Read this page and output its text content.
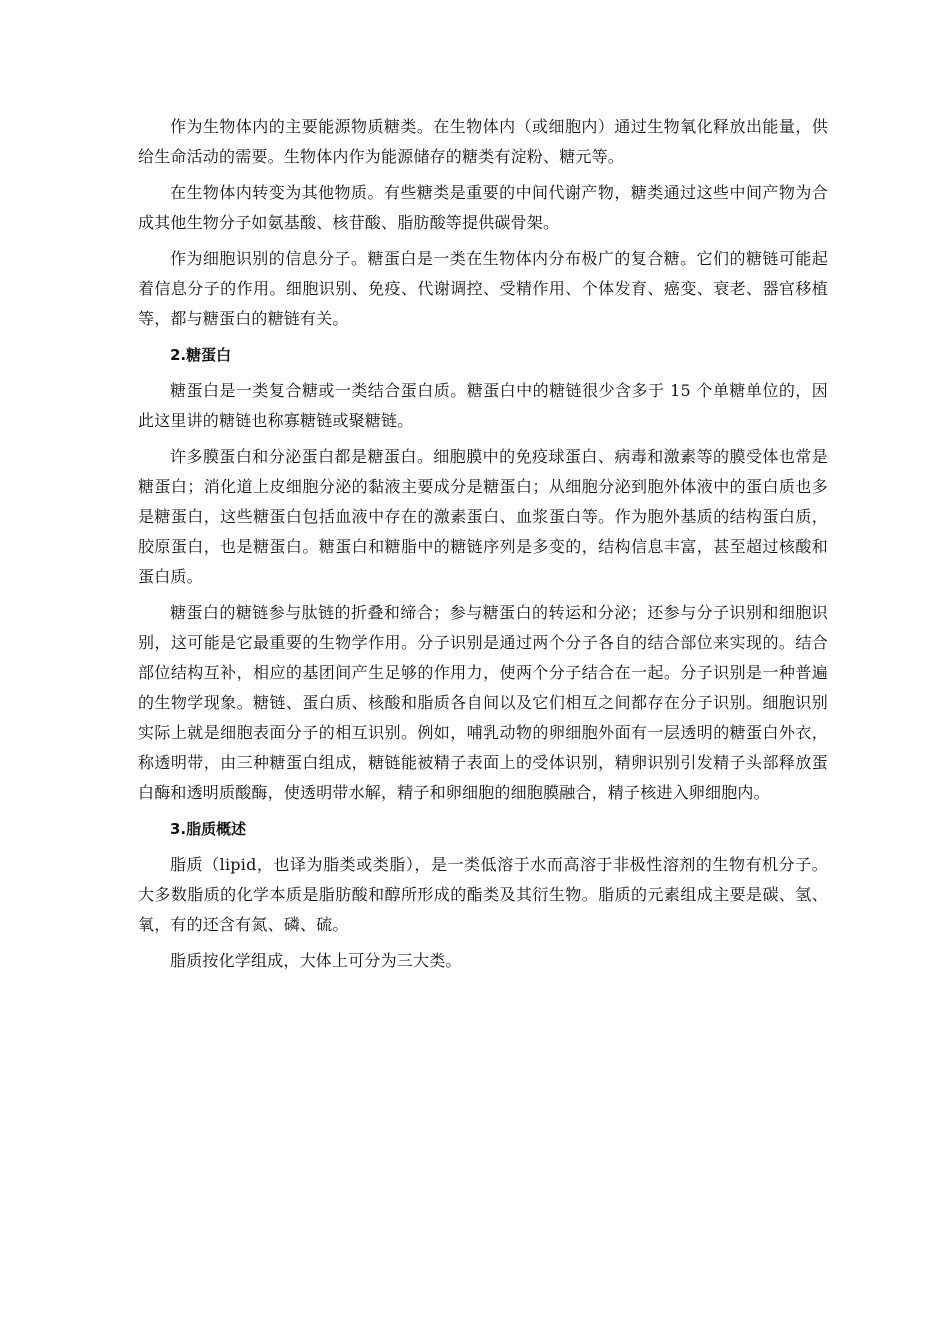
作为生物体内的主要能源物质糖类。在生物体内（或细胞内）通过生物氧化释放出能量，供给生命活动的需要。生物体内作为能源储存的糖类有淀粉、糖元等。

在生物体内转变为其他物质。有些糖类是重要的中间代谢产物，糖类通过这些中间产物为合成其他生物分子如氨基酸、核苷酸、脂肪酸等提供碳骨架。

作为细胞识别的信息分子。糖蛋白是一类在生物体内分布极广的复合糖。它们的糖链可能起着信息分子的作用。细胞识别、免疫、代谢调控、受精作用、个体发育、癌变、衰老、器官移植等，都与糖蛋白的糖链有关。

2.糖蛋白

糖蛋白是一类复合糖或一类结合蛋白质。糖蛋白中的糖链很少含多于 15 个单糖单位的，因此这里讲的糖链也称寡糖链或聚糖链。

许多膜蛋白和分泌蛋白都是糖蛋白。细胞膜中的免疫球蛋白、病毒和激素等的膜受体也常是糖蛋白；消化道上皮细胞分泌的黏液主要成分是糖蛋白；从细胞分泌到胞外体液中的蛋白质也多是糖蛋白，这些糖蛋白包括血液中存在的激素蛋白、血浆蛋白等。作为胞外基质的结构蛋白质，胶原蛋白，也是糖蛋白。糖蛋白和糖脂中的糖链序列是多变的，结构信息丰富，甚至超过核酸和蛋白质。

糖蛋白的糖链参与肽链的折叠和缔合；参与糖蛋白的转运和分泌；还参与分子识别和细胞识别，这可能是它最重要的生物学作用。分子识别是通过两个分子各自的结合部位来实现的。结合部位结构互补，相应的基团间产生足够的作用力，使两个分子结合在一起。分子识别是一种普遍的生物学现象。糖链、蛋白质、核酸和脂质各自间以及它们相互之间都存在分子识别。细胞识别实际上就是细胞表面分子的相互识别。例如，哺乳动物的卵细胞外面有一层透明的糖蛋白外衣，称透明带，由三种糖蛋白组成，糖链能被精子表面上的受体识别，精卵识别引发精子头部释放蛋白酶和透明质酸酶，使透明带水解，精子和卵细胞的细胞膜融合，精子核进入卵细胞内。

3.脂质概述

脂质（lipid，也译为脂类或类脂），是一类低溶于水而高溶于非极性溶剂的生物有机分子。大多数脂质的化学本质是脂肪酸和醇所形成的酯类及其衍生物。脂质的元素组成主要是碳、氢、氧，有的还含有氮、磷、硫。

脂质按化学组成，大体上可分为三大类。
